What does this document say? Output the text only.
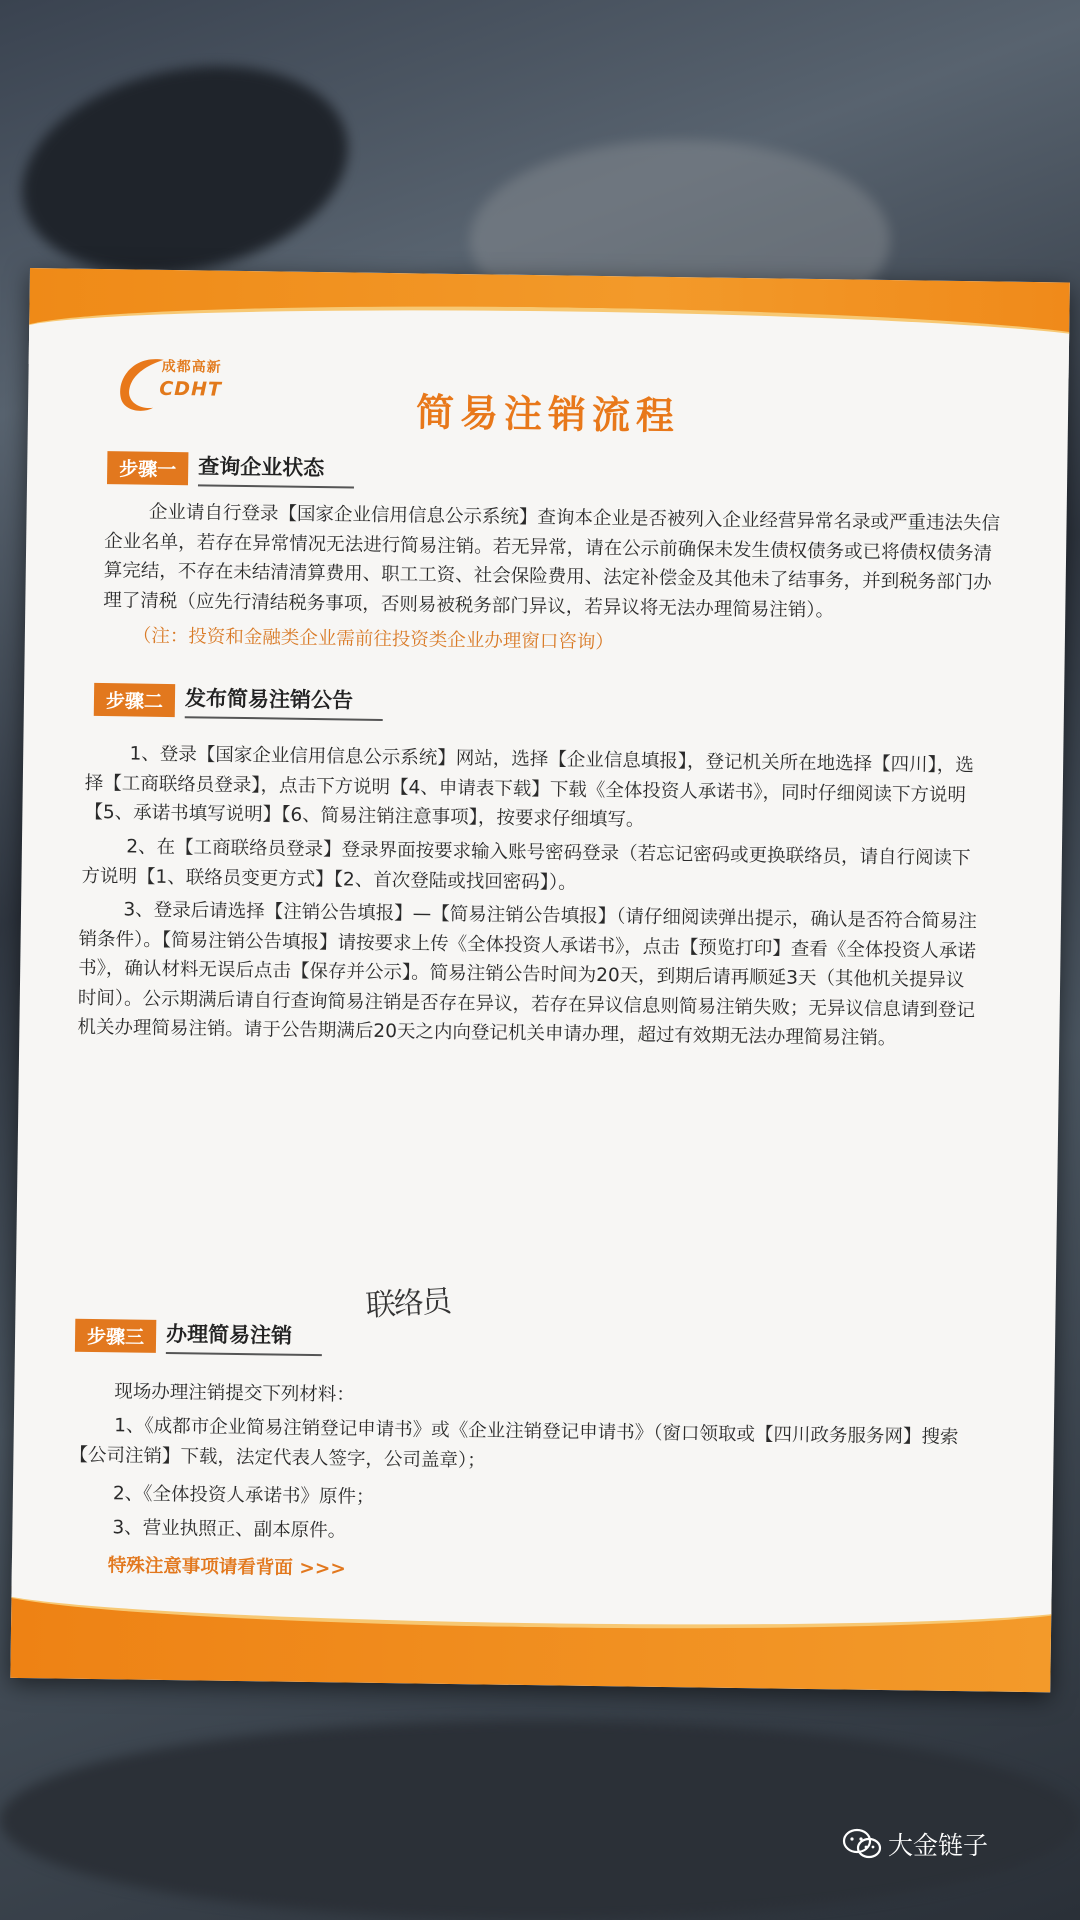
成都高新
CDHT
简易注销流程
步骤一 查询企业状态
企业请自行登录【国家企业信用信息公示系统】查询本企业是否被列入企业经营异常名录或严重违法失信企业名单，若存在异常情况无法进行简易注销。若无异常，请在公示前确保未发生债权债务或已将债权债务清算完结，不存在未结清清算费用、职工工资、社会保险费用、法定补偿金及其他未了结事务，并到税务部门办理了清税（应先行清结税务事项，否则易被税务部门异议，若异议将无法办理简易注销）。
（注：投资和金融类企业需前往投资类企业办理窗口咨询）
步骤二 发布简易注销公告
1、登录【国家企业信用信息公示系统】网站，选择【企业信息填报】，登记机关所在地选择【四川】，选择【工商联络员登录】，点击下方说明【4、申请表下载】下载《全体投资人承诺书》，同时仔细阅读下方说明【5、承诺书填写说明】【6、简易注销注意事项】，按要求仔细填写。
2、在【工商联络员登录】登录界面按要求输入账号密码登录（若忘记密码或更换联络员，请自行阅读下方说明【1、联络员变更方式】【2、首次登陆或找回密码】）。
3、登录后请选择【注销公告填报】—【简易注销公告填报】（请仔细阅读弹出提示，确认是否符合简易注销条件）。【简易注销公告填报】请按要求上传《全体投资人承诺书》，点击【预览打印】查看《全体投资人承诺书》，确认材料无误后点击【保存并公示】。简易注销公告时间为20天，到期后请再顺延3天（其他机关提异议时间）。公示期满后请自行查询简易注销是否存在异议，若存在异议信息则简易注销失败；无异议信息请到登记机关办理简易注销。请于公告期满后20天之内向登记机关申请办理，超过有效期无法办理简易注销。
联络员
步骤三 办理简易注销
现场办理注销提交下列材料：
1、《成都市企业简易注销登记申请书》或《企业注销登记申请书》（窗口领取或【四川政务服务网】搜索【公司注销】下载，法定代表人签字，公司盖章）；
2、《全体投资人承诺书》原件；
3、营业执照正、副本原件。
特殊注意事项请看背面 >>>
大金链子
